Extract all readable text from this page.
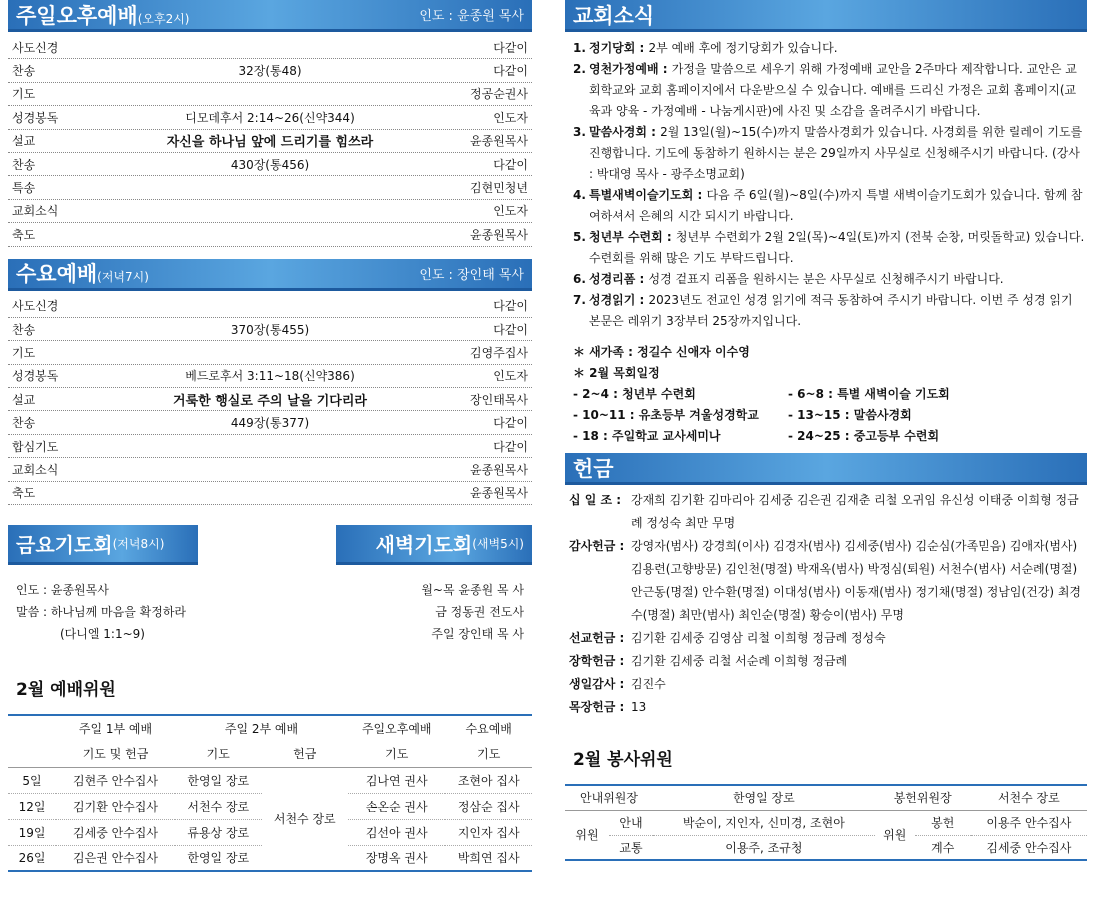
주일오후예배(오후2시)	인도 : 윤종원 목사
사도신경	다같이
찬송	32장(통48)	다같이
기도	정공순권사
성경봉독	디모데후서 2:14~26(신약344)	인도자
설교	자신을 하나님 앞에 드리기를 힘쓰라	윤종원목사
찬송	430장(통456)	다같이
특송	김현민청년
교회소식	인도자
축도	윤종원목사
수요예배(저녁7시)	인도 : 장인태 목사
사도신경	다같이
찬송	370장(통455)	다같이
기도	김영주집사
성경봉독	베드로후서 3:11~18(신약386)	인도자
설교	거룩한 행실로 주의 날을 기다리라	장인태목사
찬송	449장(통377)	다같이
합심기도	다같이
교회소식	윤종원목사
축도	윤종원목사
금요기도회 (저녁8시)	새벽기도회 (새벽5시)
인도 : 윤종원목사
말씀 : 하나님께 마음을 확정하라
(다니엘 1:1~9)
월~목 윤종원 목 사
금 정동권 전도사
주일 장인태 목 사
2월 예배위원
	주일 1부 예배	주일 2부 예배		주일오후예배	수요예배
	기도 및 헌금	기도	헌금	기도	기도
5일	김현주 안수집사	한영일 장로	서천수 장로	김나연 권사	조현아 집사
12일	김기환 안수집사	서천수 장로		손온순 권사	정삼순 집사
19일	김세중 안수집사	류용상 장로		김선아 권사	지인자 집사
26일	김은권 안수집사	한영일 장로		장명옥 권사	박희연 집사
교회소식
1. 정기당회 : 2부 예배 후에 정기당회가 있습니다.
2. 영천가정예배 : 가정을 말씀으로 세우기 위해 가정예배 교안을 2주마다 제작합니다. 교안은 교회학교와 교회 홈페이지에서 다운받으실 수 있습니다. 예배를 드리신 가정은 교회 홈페이지(교육과 양육 - 가정예배 - 나눔게시판)에 사진 및 소감을 올려주시기 바랍니다.
3. 말씀사경회 : 2월 13일(월)~15(수)까지 말씀사경회가 있습니다. 사경회를 위한 릴레이 기도를 진행합니다. 기도에 동참하기 원하시는 분은 29일까지 사무실로 신청해주시기 바랍니다. (강사 : 박대영 목사 - 광주소명교회)
4. 특별새벽이슬기도회 : 다음 주 6일(월)~8일(수)까지 특별 새벽이슬기도회가 있습니다. 함께 참여하셔서 은혜의 시간 되시기 바랍니다.
5. 청년부 수련회 : 청년부 수련회가 2월 2일(목)~4일(토)까지 (전북 순창, 머릿돌학교) 있습니다. 수련회를 위해 많은 기도 부탁드립니다.
6. 성경리폼 : 성경 겉표지 리폼을 원하시는 분은 사무실로 신청해주시기 바랍니다.
7. 성경읽기 : 2023년도 전교인 성경 읽기에 적극 동참하여 주시기 바랍니다. 이번 주 성경 읽기 본문은 레위기 3장부터 25장까지입니다.
＊ 새가족 : 정길수 신애자 이수영
＊ 2월 목회일정
- 2~4 : 청년부 수련회	- 6~8 : 특별 새벽이슬 기도회
- 10~11 : 유초등부 겨울성경학교	- 13~15 : 말씀사경회
- 18 : 주일학교 교사세미나	- 24~25 : 중고등부 수련회
헌금
십 일 조 : 강재희 김기환 김마리아 김세중 김은권 김재춘 리철 오귀임 유신성 이태중 이희형 정금례 정성숙 최만 무명
감사헌금 : 강영자(범사) 강경희(이사) 김경자(범사) 김세중(범사) 김순심(가족믿음) 김애자(범사) 김용련(고향방문) 김인천(명절) 박재옥(범사) 박정심(퇴원) 서천수(범사) 서순례(명절) 안근동(명절) 안수환(명절) 이대성(범사) 이동재(범사) 정기채(명절) 정남임(건강) 최경수(명절) 최만(범사) 최인순(명절) 황승이(범사) 무명
선교헌금 : 김기환 김세중 김영삼 리철 이희형 정금례 정성숙
장학헌금 : 김기환 김세중 리철 서순례 이희형 정금례
생일감사 : 김진수
목장헌금 : 13
2월 봉사위원
안내위원장		한영일 장로	봉헌위원장		서천수 장로
위원	안내	박순이, 지인자, 신미경, 조현아	위원	봉헌	이용주 안수집사
	교통	이용주, 조규청		계수	김세중 안수집사
